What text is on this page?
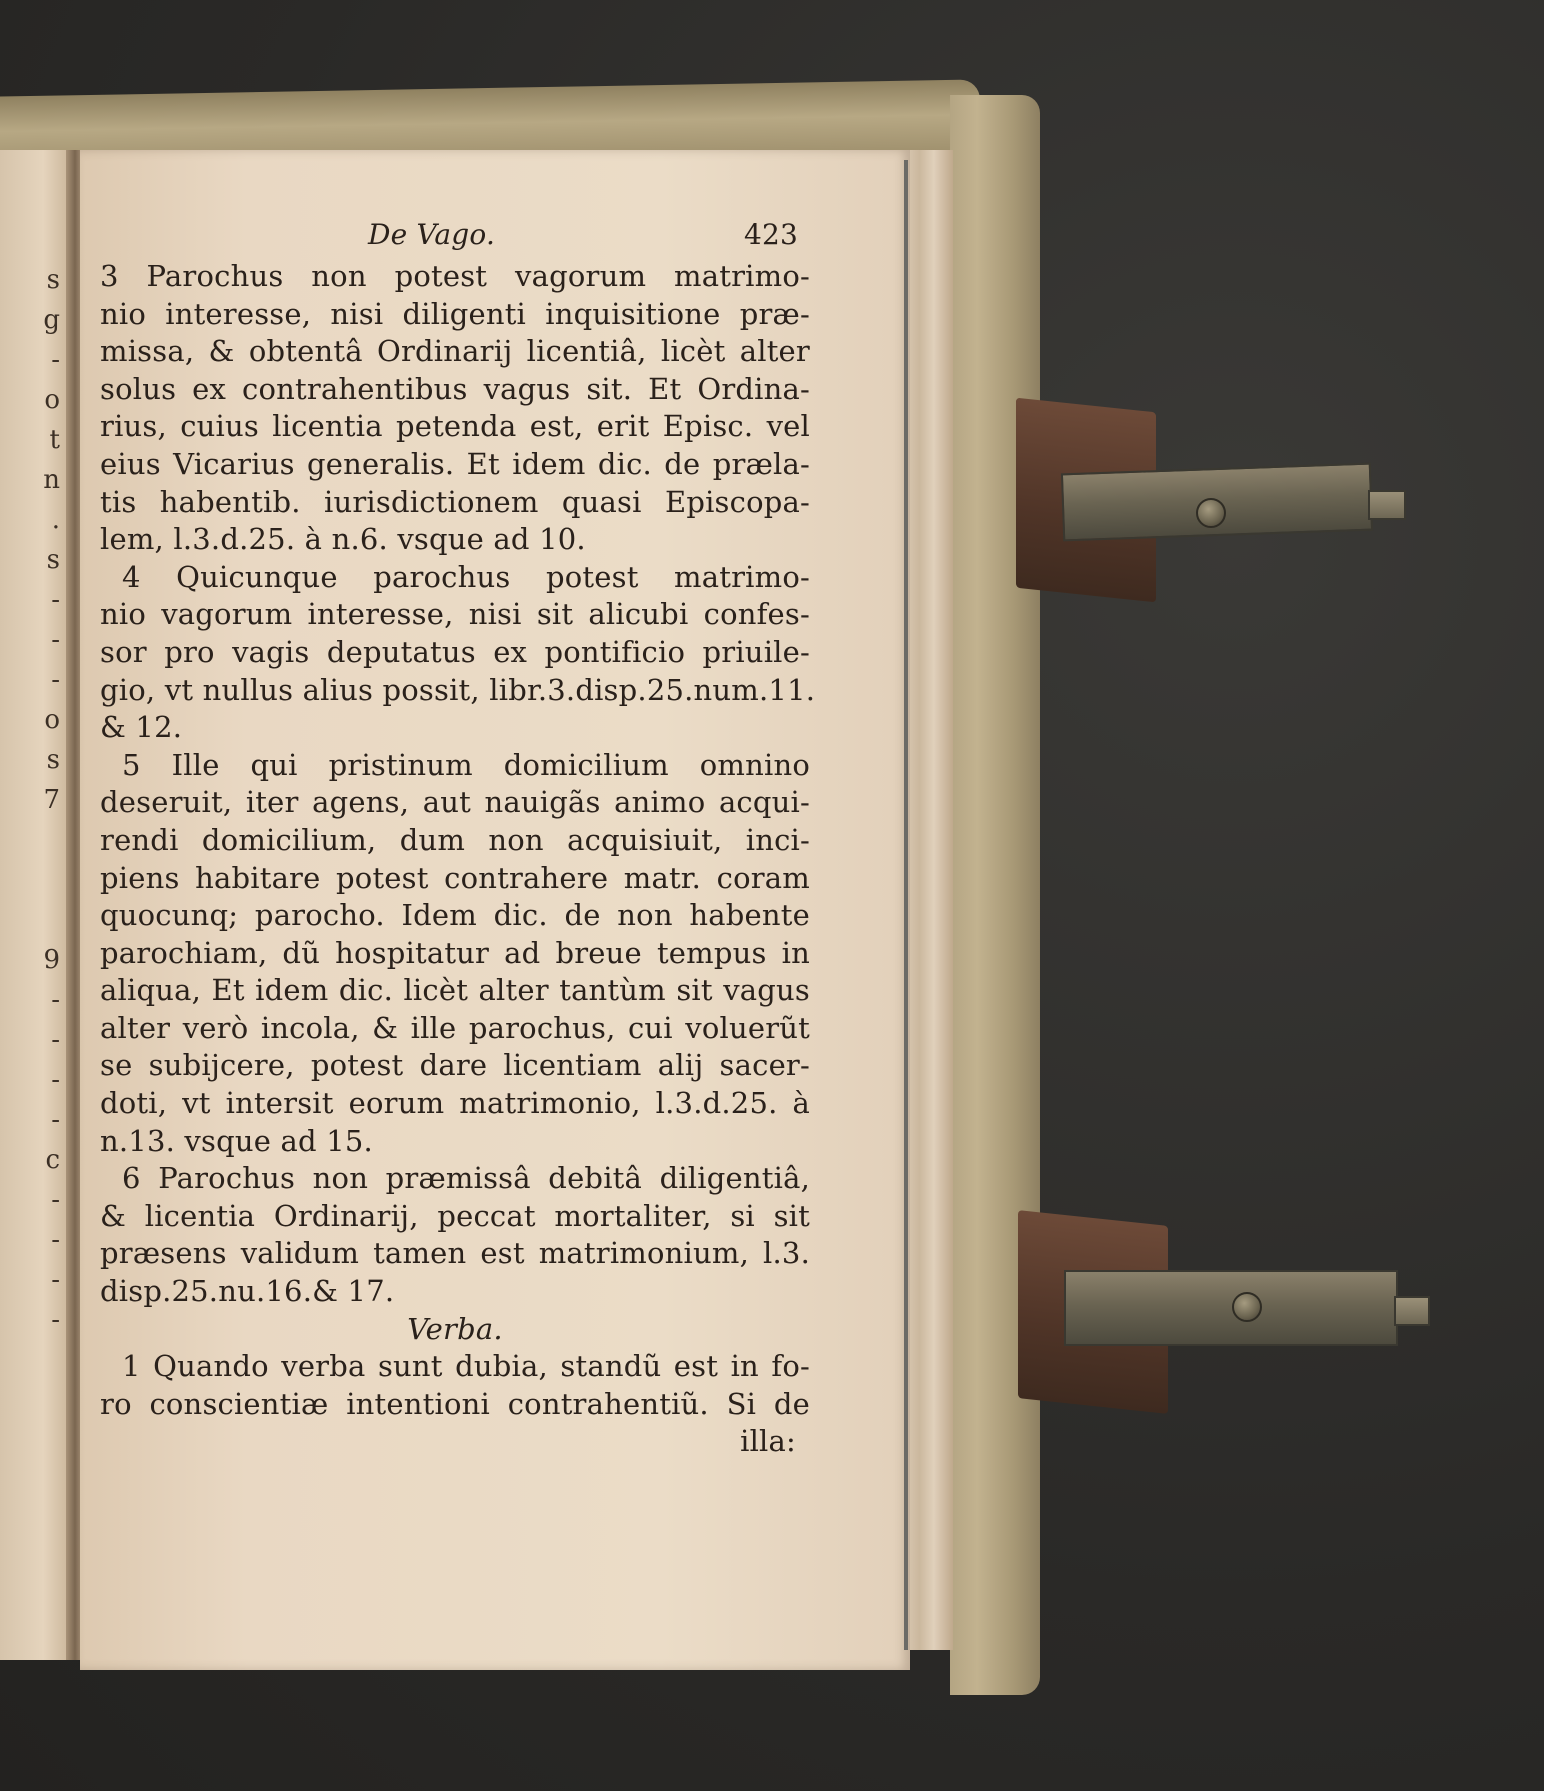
s
g
-
o
t
n
.
s
-
-
-
o
s
7
9
-
-
-
-
c
-
-
-
-
De Vago.	423
3 Parochus non potest vagorum matrimo-
nio interesse, nisi diligenti inquisitione præ-
missa, & obtentâ Ordinarij licentiâ, licèt alter
solus ex contrahentibus vagus sit. Et Ordina-
rius, cuius licentia petenda est, erit Episc. vel
eius Vicarius generalis. Et idem dic. de præla-
tis habentib. iurisdictionem quasi Episcopa-
lem, l.3.d.25. à n.6. vsque ad 10.
4 Quicunque parochus potest matrimo-
nio vagorum interesse, nisi sit alicubi confes-
sor pro vagis deputatus ex pontificio priuile-
gio, vt nullus alius possit, libr.3.disp.25.num.11.
& 12.
5 Ille qui pristinum domicilium omnino
deseruit, iter agens, aut nauigãs animo acqui-
rendi domicilium, dum non acquisiuit, inci-
piens habitare potest contrahere matr. coram
quocunq; parocho. Idem dic. de non habente
parochiam, dũ hospitatur ad breue tempus in
aliqua, Et idem dic. licèt alter tantùm sit vagus
alter verò incola, & ille parochus, cui voluerũt
se subijcere, potest dare licentiam alij sacer-
doti, vt intersit eorum matrimonio, l.3.d.25. à
n.13. vsque ad 15.
6 Parochus non præmissâ debitâ diligentiâ,
& licentia Ordinarij, peccat mortaliter, si sit
præsens validum tamen est matrimonium, l.3.
disp.25.nu.16.& 17.
Verba.
1 Quando verba sunt dubia, standũ est in fo-
ro conscientiæ intentioni contrahentiũ. Si de
illa:
